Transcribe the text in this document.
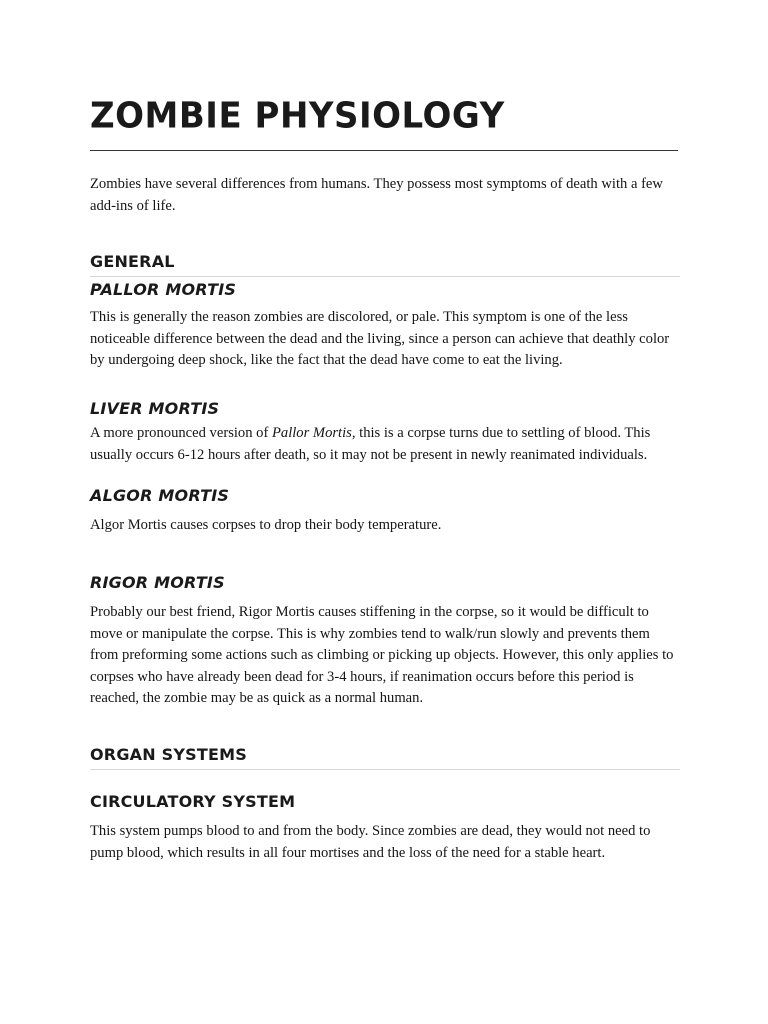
ZOMBIE PHYSIOLOGY

Zombies have several differences from humans. They possess most symptoms of death with a few add-ins of life.

GENERAL
PALLOR MORTIS

This is generally the reason zombies are discolored, or pale. This symptom is one of the less noticeable difference between the dead and the living, since a person can achieve that deathly color by undergoing deep shock, like the fact that the dead have come to eat the living.

LIVER MORTIS

A more pronounced version of Pallor Mortis, this is a corpse turns due to settling of blood. This usually occurs 6-12 hours after death, so it may not be present in newly reanimated individuals.

ALGOR MORTIS

Algor Mortis causes corpses to drop their body temperature.

RIGOR MORTIS

Probably our best friend, Rigor Mortis causes stiffening in the corpse, so it would be difficult to move or manipulate the corpse. This is why zombies tend to walk/run slowly and prevents them from preforming some actions such as climbing or picking up objects. However, this only applies to corpses who have already been dead for 3-4 hours, if reanimation occurs before this period is reached, the zombie may be as quick as a normal human.

ORGAN SYSTEMS
CIRCULATORY SYSTEM

This system pumps blood to and from the body. Since zombies are dead, they would not need to pump blood, which results in all four mortises and the loss of the need for a stable heart.
